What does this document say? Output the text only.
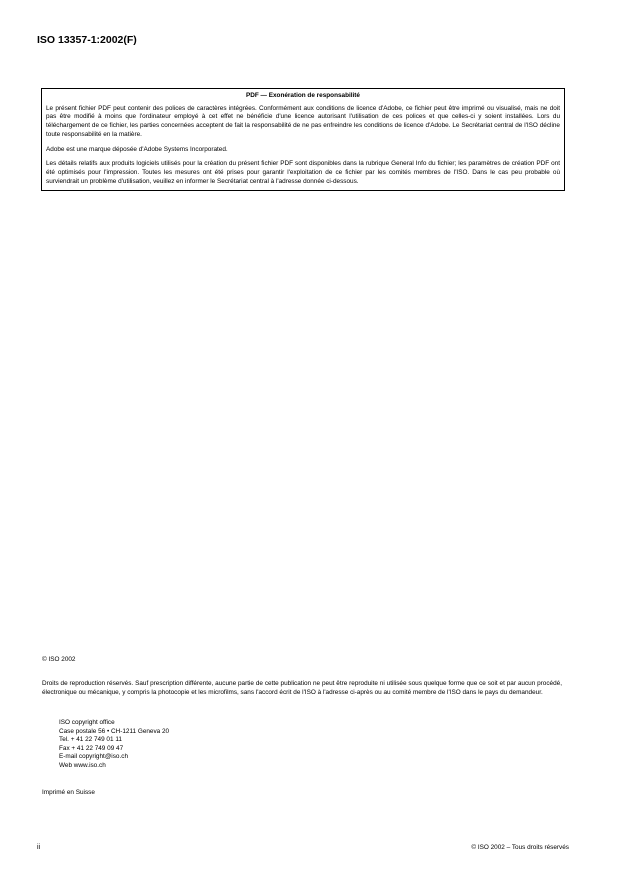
ISO 13357-1:2002(F)
PDF — Exonération de responsabilité

Le présent fichier PDF peut contenir des polices de caractères intégrées. Conformément aux conditions de licence d'Adobe, ce fichier peut être imprimé ou visualisé, mais ne doit pas être modifié à moins que l'ordinateur employé à cet effet ne bénéficie d'une licence autorisant l'utilisation de ces polices et que celles-ci y soient installées. Lors du téléchargement de ce fichier, les parties concernées acceptent de fait la responsabilité de ne pas enfreindre les conditions de licence d'Adobe. Le Secrétariat central de l'ISO décline toute responsabilité en la matière.

Adobe est une marque déposée d'Adobe Systems Incorporated.

Les détails relatifs aux produits logiciels utilisés pour la création du présent fichier PDF sont disponibles dans la rubrique General Info du fichier; les paramètres de création PDF ont été optimisés pour l'impression. Toutes les mesures ont été prises pour garantir l'exploitation de ce fichier par les comités membres de l'ISO. Dans le cas peu probable où surviendrait un problème d'utilisation, veuillez en informer le Secrétariat central à l'adresse donnée ci-dessous.

© ISO 2002
Droits de reproduction réservés. Sauf prescription différente, aucune partie de cette publication ne peut être reproduite ni utilisée sous quelque forme que ce soit et par aucun procédé, électronique ou mécanique, y compris la photocopie et les microfilms, sans l'accord écrit de l'ISO à l'adresse ci-après ou au comité membre de l'ISO dans le pays du demandeur.
ISO copyright office
Case postale 56 • CH-1211 Geneva 20
Tel. + 41 22 749 01 11
Fax + 41 22 749 09 47
E-mail copyright@iso.ch
Web www.iso.ch
Imprimé en Suisse
ii	© ISO 2002 – Tous droits réservés
